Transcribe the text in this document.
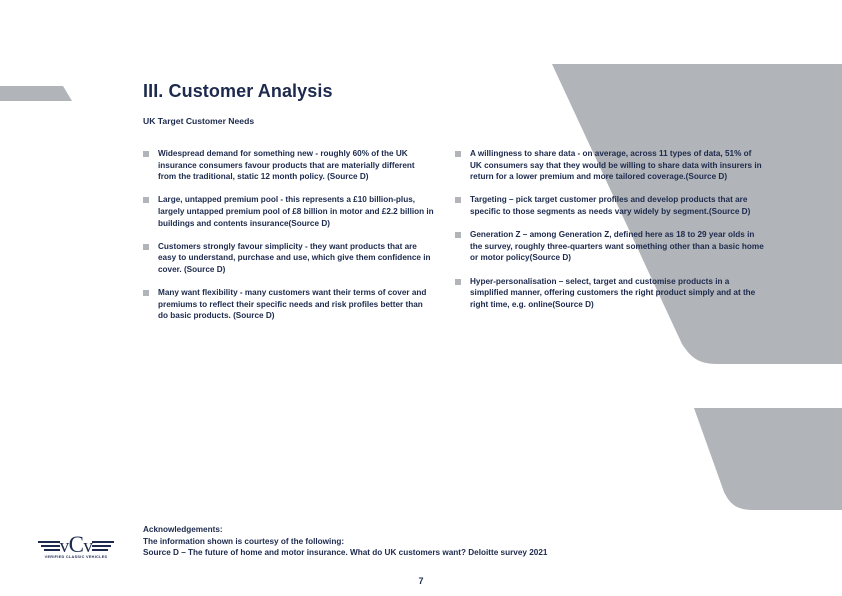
III. Customer Analysis
UK Target Customer Needs
Widespread demand for something new - roughly 60% of the UK insurance consumers favour products that are materially different from the traditional, static 12 month policy. (Source D)
Large, untapped premium pool - this represents a £10 billion-plus, largely untapped premium pool of £8 billion in motor and £2.2 billion in buildings and contents insurance(Source D)
Customers strongly favour simplicity - they want products that are easy to understand, purchase and use, which give them confidence in cover. (Source D)
Many want flexibility - many customers want their terms of cover and premiums to reflect their specific needs and risk profiles better than do basic products. (Source D)
A willingness to share data - on average, across 11 types of data, 51% of UK consumers say that they would be willing to share data with insurers in return for a lower premium and more tailored coverage.(Source D)
Targeting – pick target customer profiles and develop products that are specific to those segments as needs vary widely by segment.(Source D)
Generation Z – among Generation Z, defined here as 18 to 29 year olds in the survey, roughly three-quarters want something other than a basic home or motor policy(Source D)
Hyper-personalisation – select, target and customise products in a simplified manner, offering customers the right product simply and at the right time, e.g. online(Source D)
vCv
VERIFIED CLASSIC VEHICLES
Acknowledgements:
The information shown is courtesy of the following:
Source D – The future of home and motor insurance. What do UK customers want? Deloitte survey 2021
7
